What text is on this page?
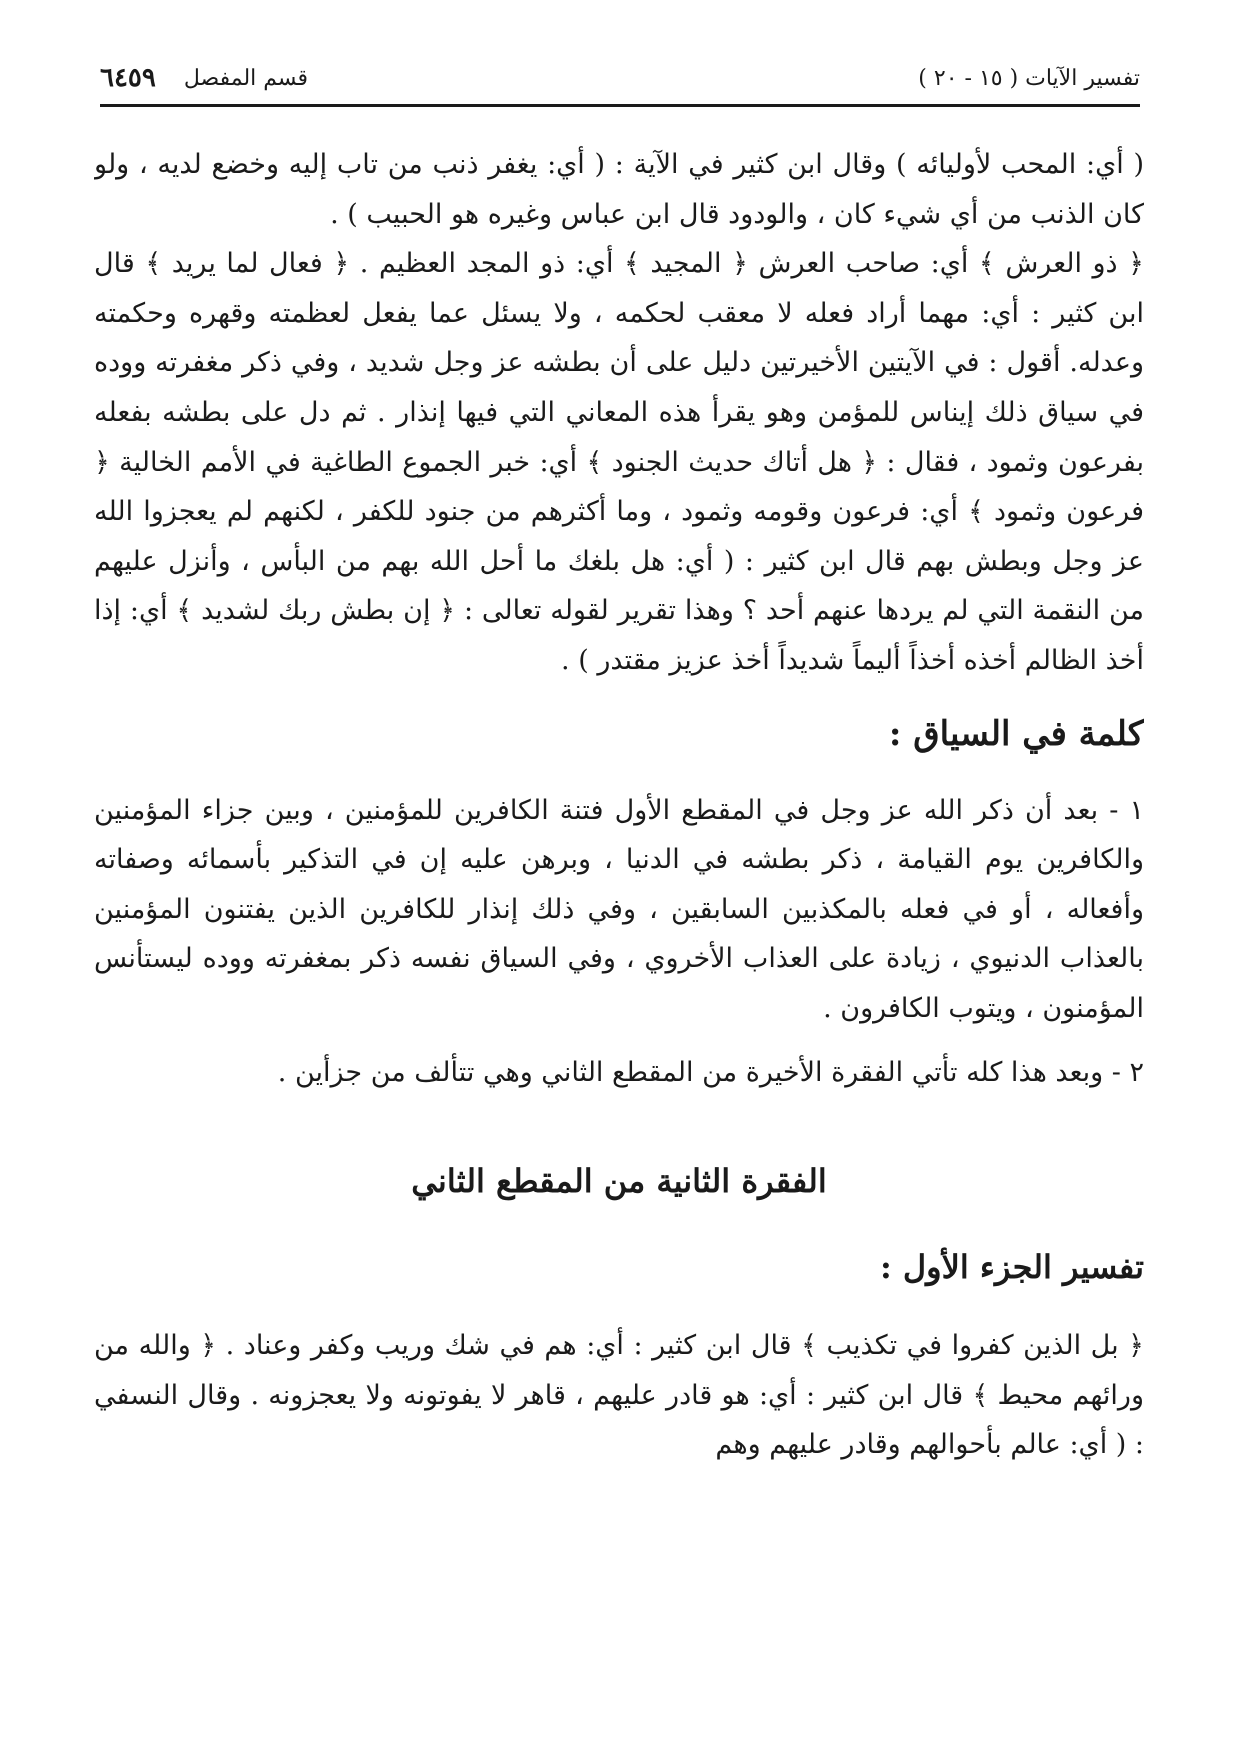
تفسير الآيات ( ١٥ - ٢٠ )
قسم المفصل
٦٤٥٩

( أي: المحب لأوليائه ) وقال ابن كثير في الآية : ( أي: يغفر ذنب من تاب إليه وخضع لديه ، ولو كان الذنب من أي شيء كان ، والودود قال ابن عباس وغيره هو الحبيب ) .

﴿ ذو العرش ﴾ أي: صاحب العرش ﴿ المجيد ﴾ أي: ذو المجد العظيم . ﴿ فعال لما يريد ﴾ قال ابن كثير : أي: مهما أراد فعله لا معقب لحكمه ، ولا يسئل عما يفعل لعظمته وقهره وحكمته وعدله. أقول : في الآيتين الأخيرتين دليل على أن بطشه عز وجل شديد ، وفي ذكر مغفرته ووده في سياق ذلك إيناس للمؤمن وهو يقرأ هذه المعاني التي فيها إنذار . ثم دل على بطشه بفعله بفرعون وثمود ، فقال : ﴿ هل أتاك حديث الجنود ﴾ أي: خبر الجموع الطاغية في الأمم الخالية ﴿ فرعون وثمود ﴾ أي: فرعون وقومه وثمود ، وما أكثرهم من جنود للكفر ، لكنهم لم يعجزوا الله عز وجل وبطش بهم قال ابن كثير : ( أي: هل بلغك ما أحل الله بهم من البأس ، وأنزل عليهم من النقمة التي لم يردها عنهم أحد ؟ وهذا تقرير لقوله تعالى : ﴿ إن بطش ربك لشديد ﴾ أي: إذا أخذ الظالم أخذه أخذاً أليماً شديداً أخذ عزيز مقتدر ) .

كلمة في السياق :

١ - بعد أن ذكر الله عز وجل في المقطع الأول فتنة الكافرين للمؤمنين ، وبين جزاء المؤمنين والكافرين يوم القيامة ، ذكر بطشه في الدنيا ، وبرهن عليه إن في التذكير بأسمائه وصفاته وأفعاله ، أو في فعله بالمكذبين السابقين ، وفي ذلك إنذار للكافرين الذين يفتنون المؤمنين بالعذاب الدنيوي ، زيادة على العذاب الأخروي ، وفي السياق نفسه ذكر بمغفرته ووده ليستأنس المؤمنون ، ويتوب الكافرون .

٢ - وبعد هذا كله تأتي الفقرة الأخيرة من المقطع الثاني وهي تتألف من جزأين .

الفقرة الثانية من المقطع الثاني
تفسير الجزء الأول :

﴿ بل الذين كفروا في تكذيب ﴾ قال ابن كثير : أي: هم في شك وريب وكفر وعناد . ﴿ والله من ورائهم محيط ﴾ قال ابن كثير : أي: هو قادر عليهم ، قاهر لا يفوتونه ولا يعجزونه . وقال النسفي : ( أي: عالم بأحوالهم وقادر عليهم وهم
